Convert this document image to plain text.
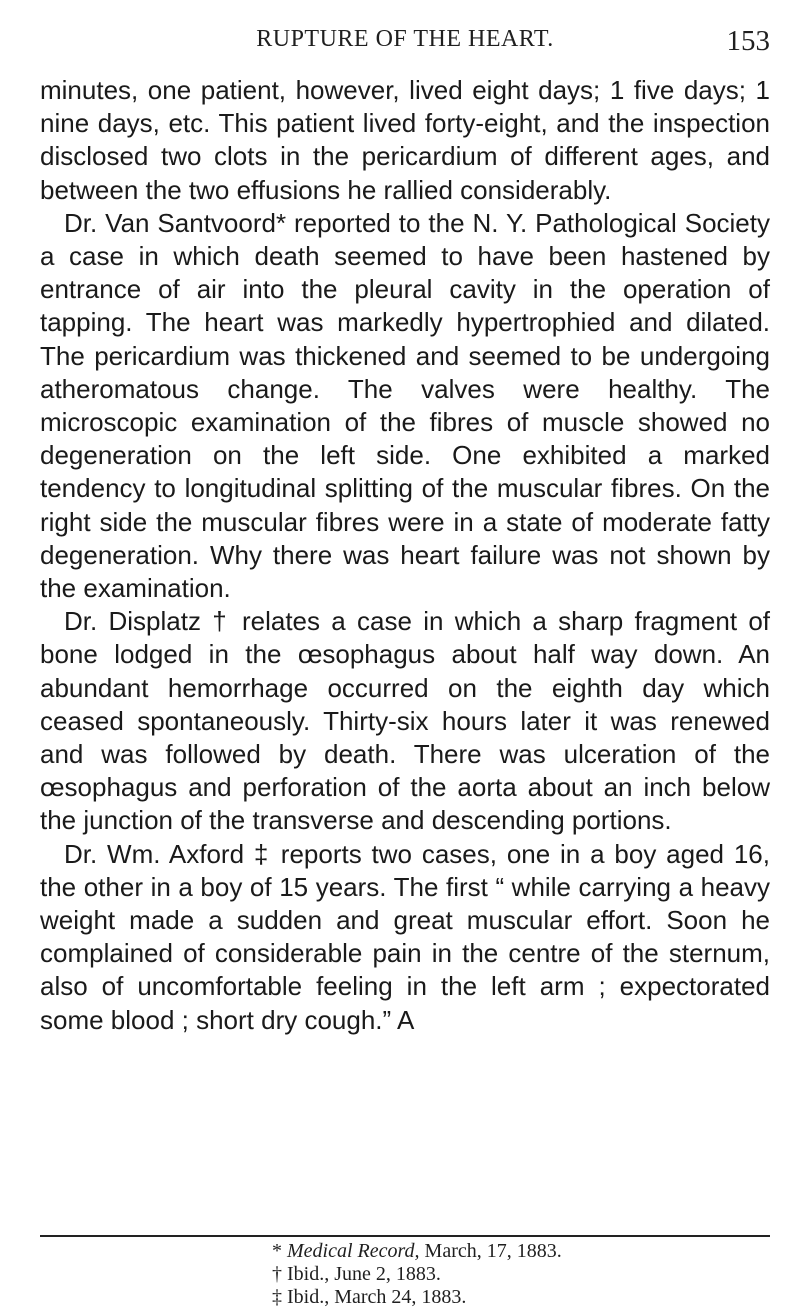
RUPTURE OF THE HEART.	153

minutes, one patient, however, lived eight days; 1 five days; 1 nine days, etc. This patient lived forty-eight, and the inspection disclosed two clots in the pericardium of different ages, and between the two effusions he rallied considerably.

Dr. Van Santvoord* reported to the N. Y. Pathological Society a case in which death seemed to have been hastened by entrance of air into the pleural cavity in the operation of tapping. The heart was markedly hypertrophied and dilated. The pericardium was thickened and seemed to be undergoing atheromatous change. The valves were healthy. The microscopic examination of the fibres of muscle showed no degeneration on the left side. One exhibited a marked tendency to longitudinal splitting of the muscular fibres. On the right side the muscular fibres were in a state of moderate fatty degeneration. Why there was heart failure was not shown by the examination.

Dr. Displatz † relates a case in which a sharp fragment of bone lodged in the œsophagus about half way down. An abundant hemorrhage occurred on the eighth day which ceased spontaneously. Thirty-six hours later it was renewed and was followed by death. There was ulceration of the œsophagus and perforation of the aorta about an inch below the junction of the transverse and descending portions.

Dr. Wm. Axford ‡ reports two cases, one in a boy aged 16, the other in a boy of 15 years. The first “ while carrying a heavy weight made a sudden and great muscular effort. Soon he complained of considerable pain in the centre of the sternum, also of uncomfortable feeling in the left arm ; expectorated some blood ; short dry cough.” A

* Medical Record, March, 17, 1883.
† Ibid., June 2, 1883.
‡ Ibid., March 24, 1883.
